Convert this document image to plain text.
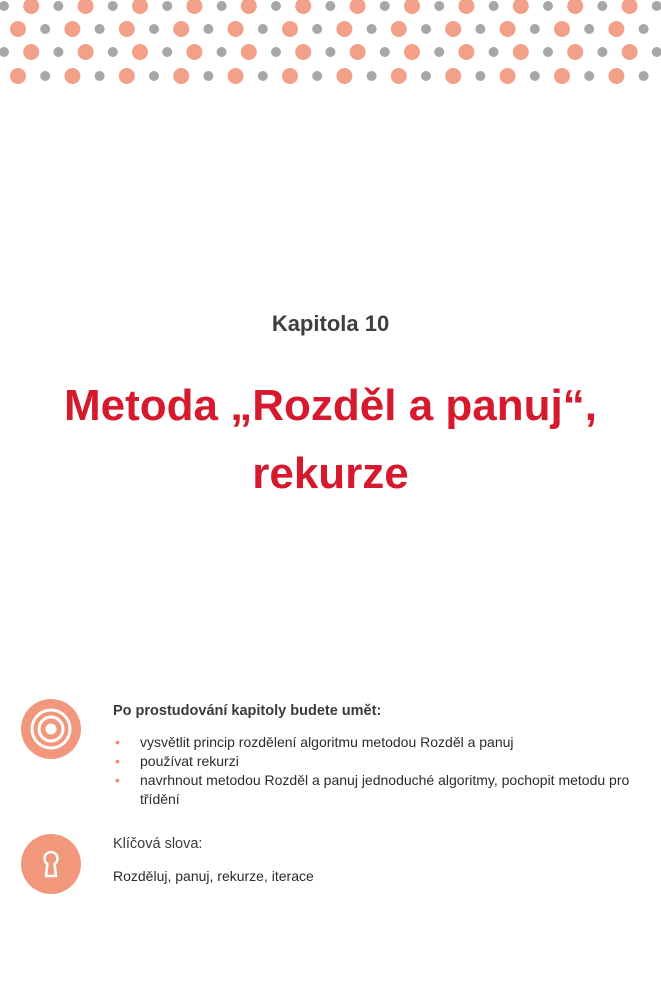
Kapitola 10
Metoda „Rozděl a panuj“,
rekurze
Po prostudování kapitoly budete umět:
• vysvětlit princip rozdělení algoritmu metodou Rozděl a panuj
• používat rekurzi
• navrhnout metodou Rozděl a panuj jednoduché algoritmy, pochopit metodu pro třídění
Klíčová slova:
Rozděluj, panuj, rekurze, iterace
